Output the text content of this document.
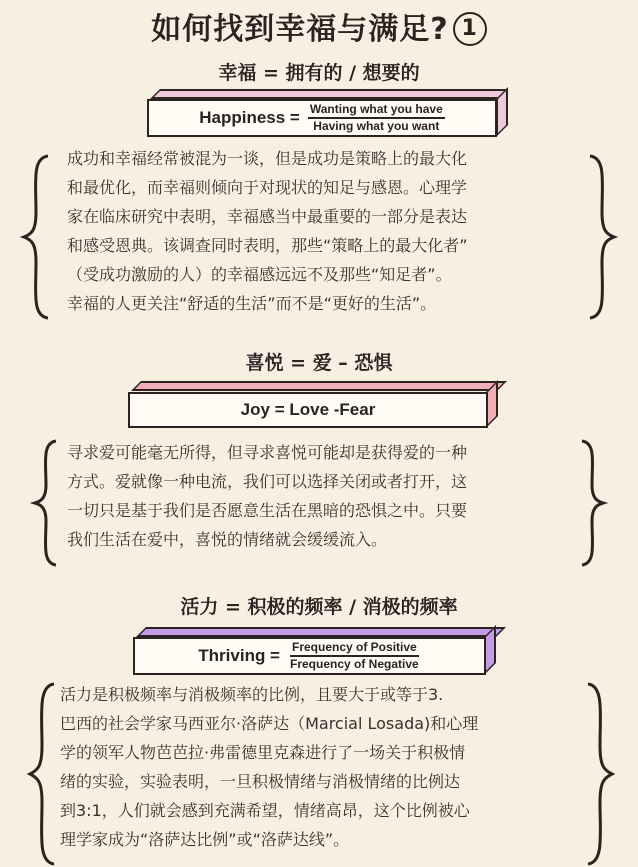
如何找到幸福与满足? 1
幸福 = 拥有的 / 想要的
Happiness = $\frac{\text{Wanting what you have}}{\text{Having what you want}}$
成功和幸福经常被混为一谈，但是成功是策略上的最大化
和最优化，而幸福则倾向于对现状的知足与感恩。心理学
家在临床研究中表明，幸福感当中最重要的一部分是表达
和感受恩典。该调查同时表明，那些“策略上的最大化者”
（受成功激励的人）的幸福感远远不及那些“知足者”。
幸福的人更关注“舒适的生活”而不是“更好的生活”。
喜悦 = 爱 – 恐惧
Joy = Love -Fear
寻求爱可能毫无所得，但寻求喜悦可能却是获得爱的一种
方式。爱就像一种电流，我们可以选择关闭或者打开，这
一切只是基于我们是否愿意生活在黑暗的恐惧之中。只要
我们生活在爱中，喜悦的情绪就会缓缓流入。
活力 = 积极的频率 / 消极的频率
Thriving = $\frac{\text{Frequency of Positive}}{\text{Frequency of Negative}}$
活力是积极频率与消极频率的比例，且要大于或等于3.
巴西的社会学家马西亚尔·洛萨达（Marcial Losada)和心理
学的领军人物芭芭拉·弗雷德里克森进行了一场关于积极情
绪的实验，实验表明，一旦积极情绪与消极情绪的比例达
到3:1，人们就会感到充满希望，情绪高昂，这个比例被心
理学家成为“洛萨达比例”或“洛萨达线”。
